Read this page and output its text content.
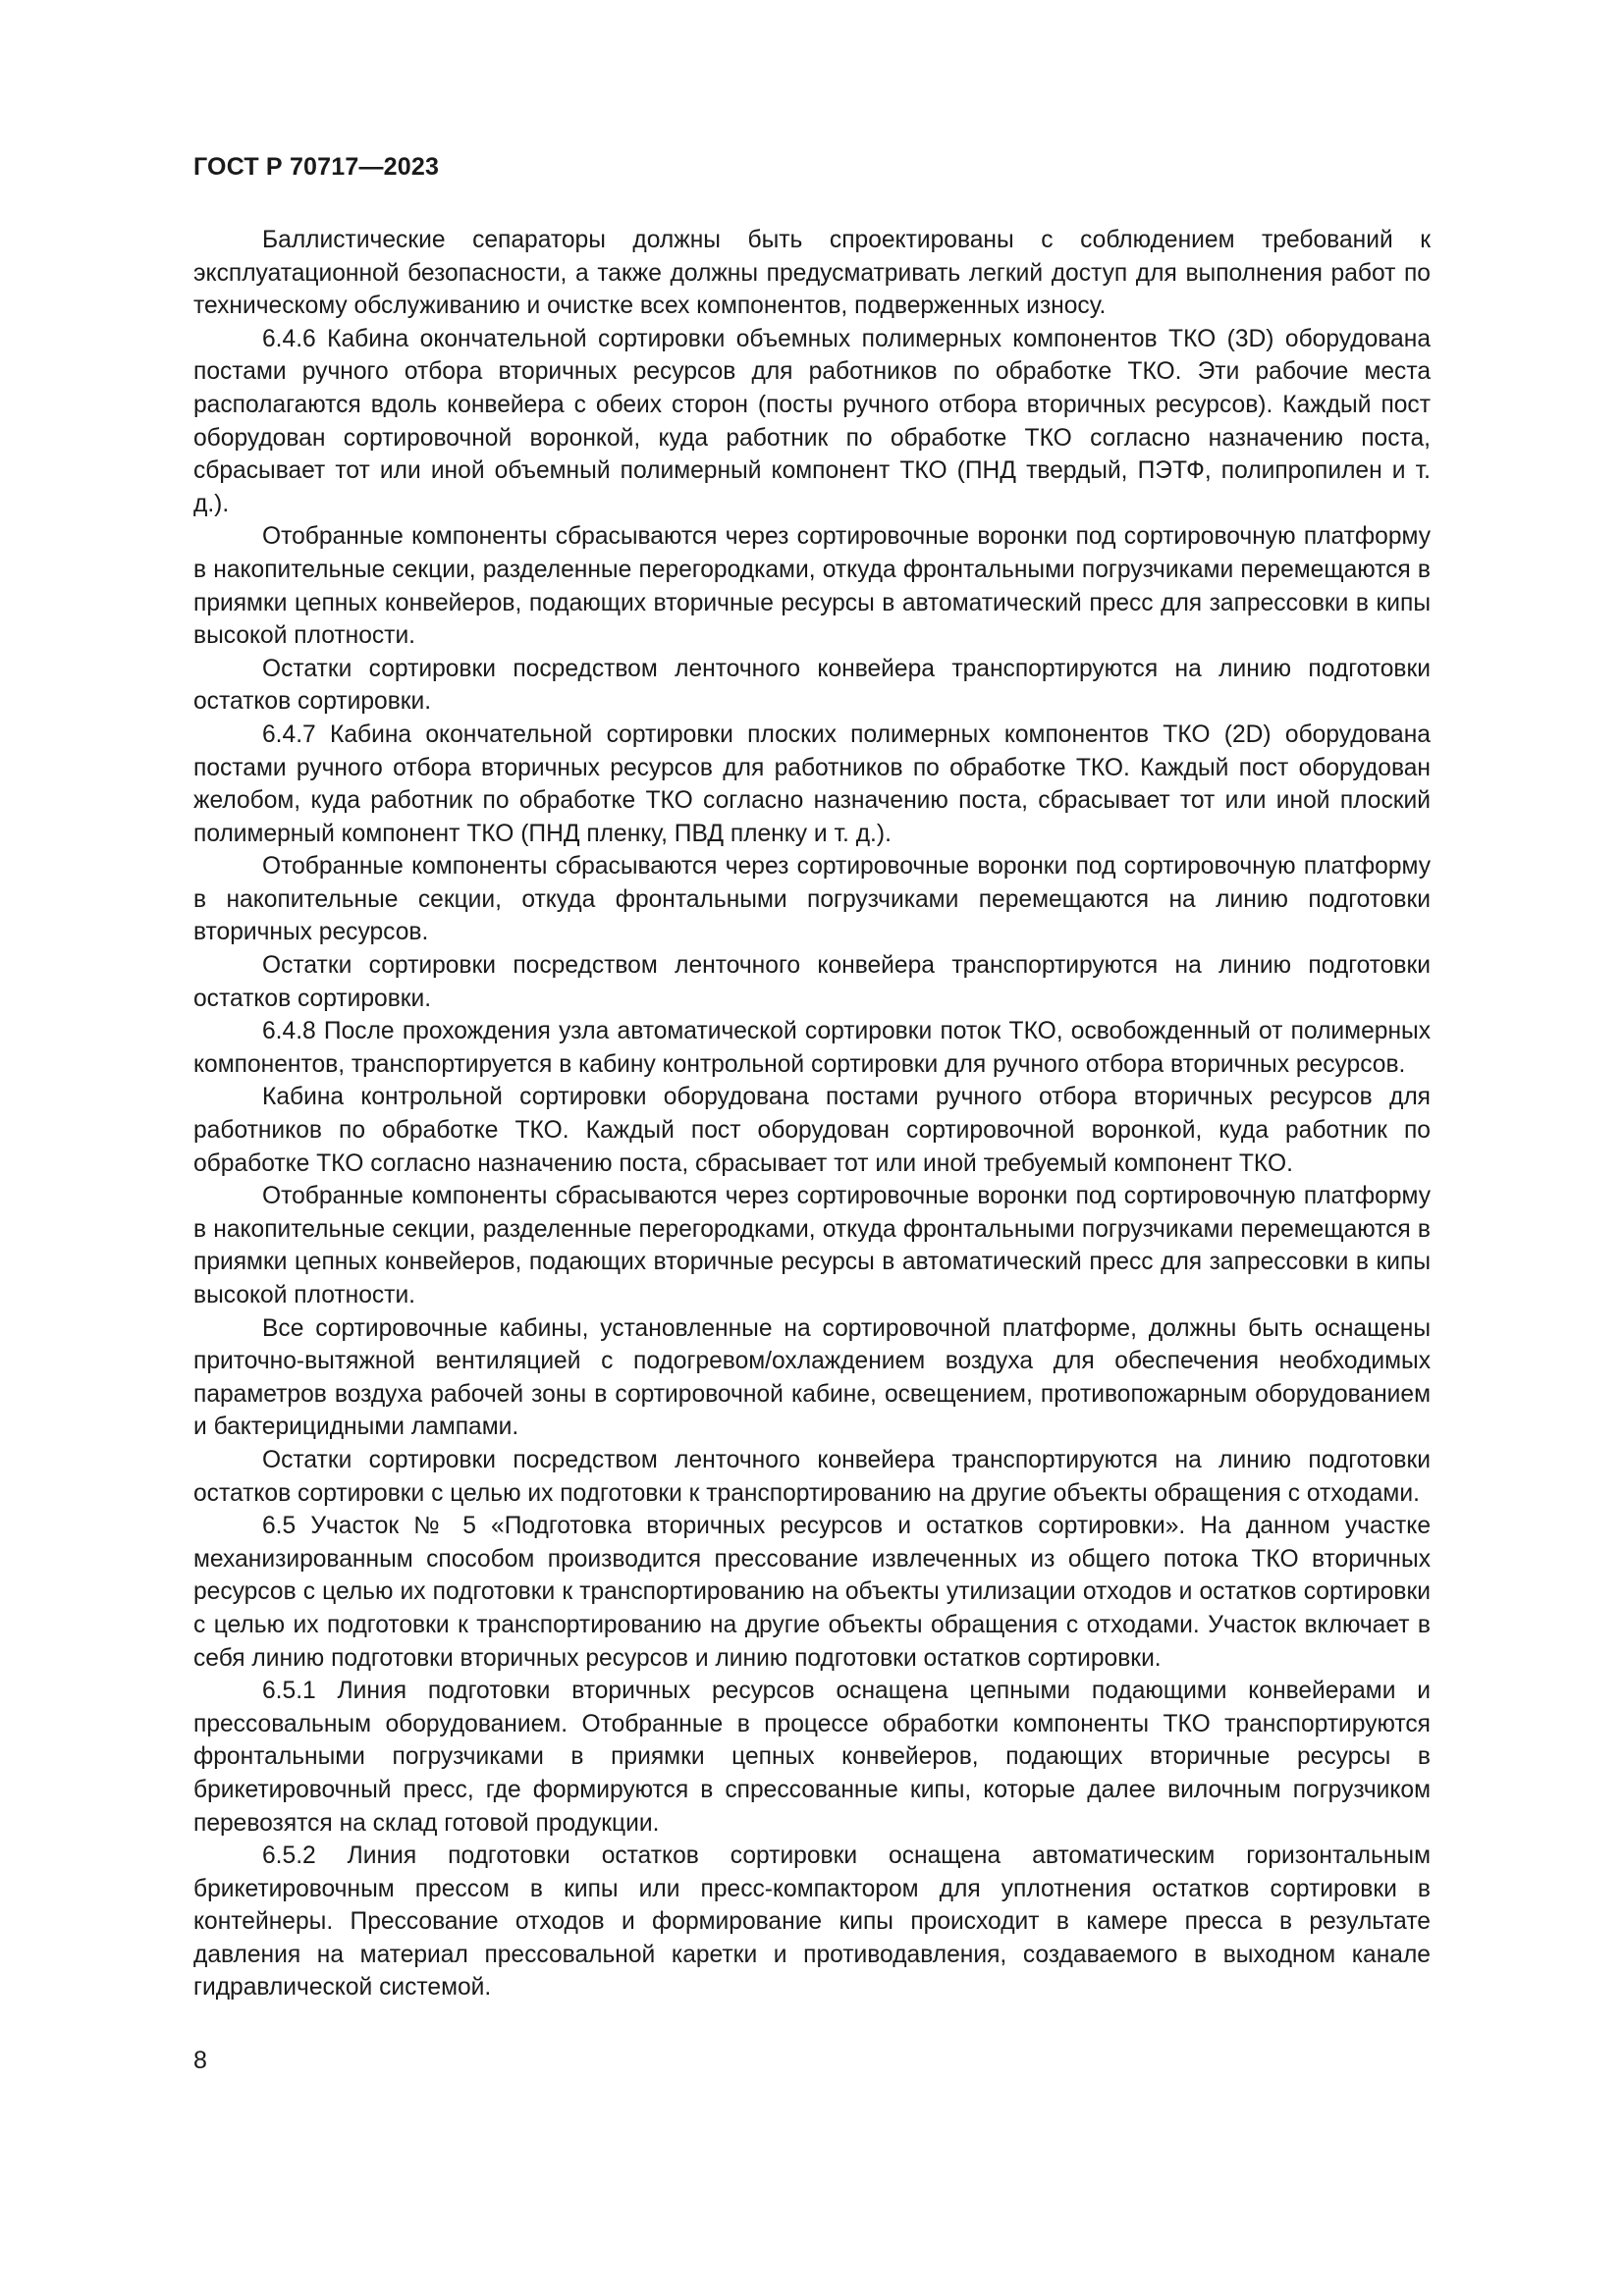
ГОСТ Р 70717—2023

Баллистические сепараторы должны быть спроектированы с соблюдением требований к эксплуатационной безопасности, а также должны предусматривать легкий доступ для выполнения работ по техническому обслуживанию и очистке всех компонентов, подверженных износу.

6.4.6 Кабина окончательной сортировки объемных полимерных компонентов ТКО (3D) оборудована постами ручного отбора вторичных ресурсов для работников по обработке ТКО. Эти рабочие места располагаются вдоль конвейера с обеих сторон (посты ручного отбора вторичных ресурсов). Каждый пост оборудован сортировочной воронкой, куда работник по обработке ТКО согласно назначению поста, сбрасывает тот или иной объемный полимерный компонент ТКО (ПНД твердый, ПЭТФ, полипропилен и т. д.).

Отобранные компоненты сбрасываются через сортировочные воронки под сортировочную платформу в накопительные секции, разделенные перегородками, откуда фронтальными погрузчиками перемещаются в приямки цепных конвейеров, подающих вторичные ресурсы в автоматический пресс для запрессовки в кипы высокой плотности.

Остатки сортировки посредством ленточного конвейера транспортируются на линию подготовки остатков сортировки.

6.4.7 Кабина окончательной сортировки плоских полимерных компонентов ТКО (2D) оборудована постами ручного отбора вторичных ресурсов для работников по обработке ТКО. Каждый пост оборудован желобом, куда работник по обработке ТКО согласно назначению поста, сбрасывает тот или иной плоский полимерный компонент ТКО (ПНД пленку, ПВД пленку и т. д.).

Отобранные компоненты сбрасываются через сортировочные воронки под сортировочную платформу в накопительные секции, откуда фронтальными погрузчиками перемещаются на линию подготовки вторичных ресурсов.

Остатки сортировки посредством ленточного конвейера транспортируются на линию подготовки остатков сортировки.

6.4.8 После прохождения узла автоматической сортировки поток ТКО, освобожденный от полимерных компонентов, транспортируется в кабину контрольной сортировки для ручного отбора вторичных ресурсов.

Кабина контрольной сортировки оборудована постами ручного отбора вторичных ресурсов для работников по обработке ТКО. Каждый пост оборудован сортировочной воронкой, куда работник по обработке ТКО согласно назначению поста, сбрасывает тот или иной требуемый компонент ТКО.

Отобранные компоненты сбрасываются через сортировочные воронки под сортировочную платформу в накопительные секции, разделенные перегородками, откуда фронтальными погрузчиками перемещаются в приямки цепных конвейеров, подающих вторичные ресурсы в автоматический пресс для запрессовки в кипы высокой плотности.

Все сортировочные кабины, установленные на сортировочной платформе, должны быть оснащены приточно-вытяжной вентиляцией с подогревом/охлаждением воздуха для обеспечения необходимых параметров воздуха рабочей зоны в сортировочной кабине, освещением, противопожарным оборудованием и бактерицидными лампами.

Остатки сортировки посредством ленточного конвейера транспортируются на линию подготовки остатков сортировки с целью их подготовки к транспортированию на другие объекты обращения с отходами.

6.5 Участок № 5 «Подготовка вторичных ресурсов и остатков сортировки». На данном участке механизированным способом производится прессование извлеченных из общего потока ТКО вторичных ресурсов с целью их подготовки к транспортированию на объекты утилизации отходов и остатков сортировки с целью их подготовки к транспортированию на другие объекты обращения с отходами. Участок включает в себя линию подготовки вторичных ресурсов и линию подготовки остатков сортировки.

6.5.1 Линия подготовки вторичных ресурсов оснащена цепными подающими конвейерами и прессовальным оборудованием. Отобранные в процессе обработки компоненты ТКО транспортируются фронтальными погрузчиками в приямки цепных конвейеров, подающих вторичные ресурсы в брикетировочный пресс, где формируются в спрессованные кипы, которые далее вилочным погрузчиком перевозятся на склад готовой продукции.

6.5.2 Линия подготовки остатков сортировки оснащена автоматическим горизонтальным брикетировочным прессом в кипы или пресс-компактором для уплотнения остатков сортировки в контейнеры. Прессование отходов и формирование кипы происходит в камере пресса в результате давления на материал прессовальной каретки и противодавления, создаваемого в выходном канале гидравлической системой.

8
